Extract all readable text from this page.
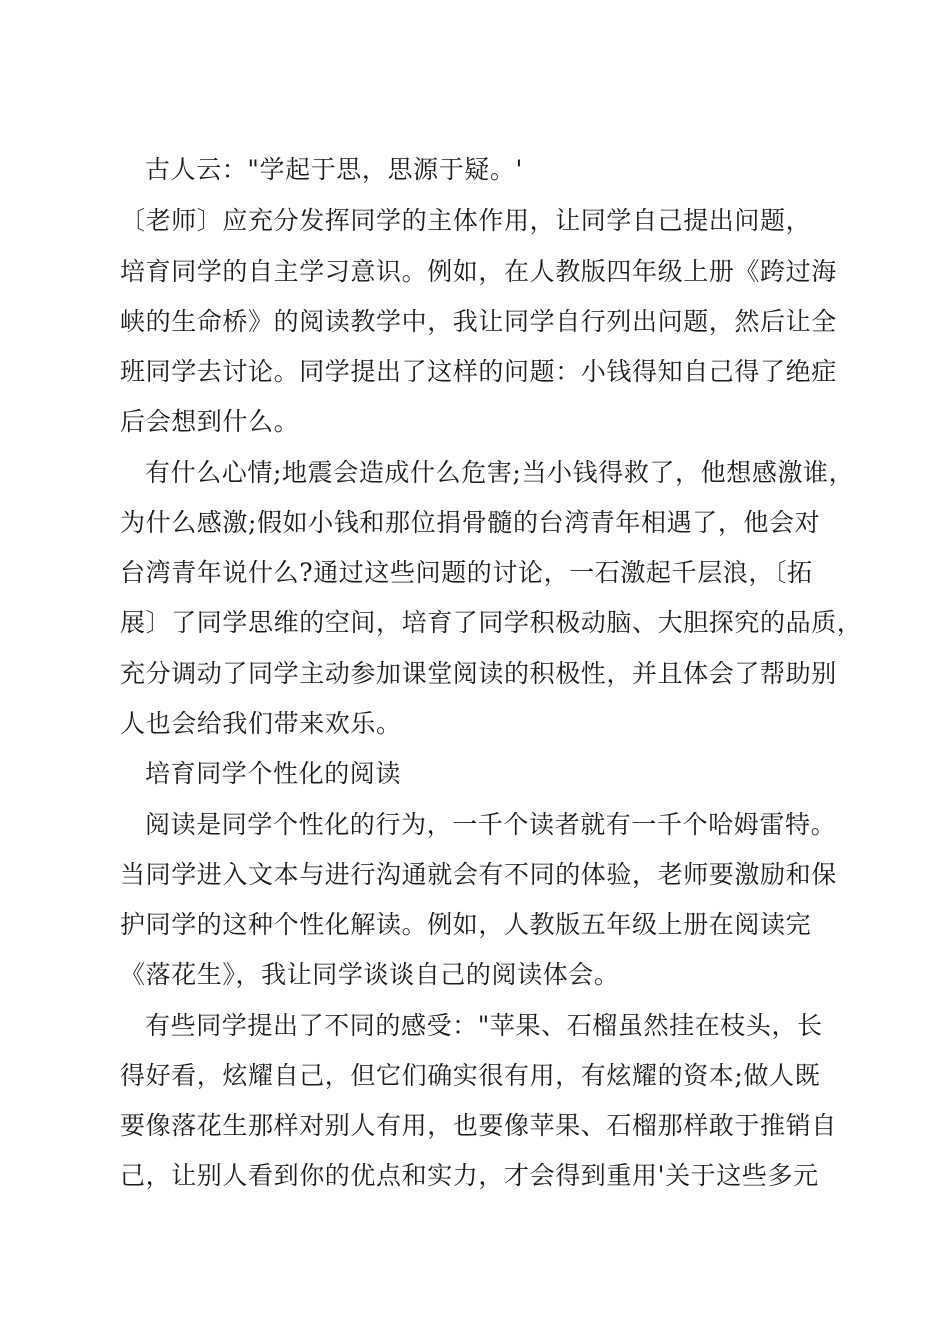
古人云："学起于思，思源于疑。'
〔老师〕应充分发挥同学的主体作用，让同学自己提出问题，
培育同学的自主学习意识。例如，在人教版四年级上册《跨过海
峡的生命桥》的阅读教学中，我让同学自行列出问题，然后让全
班同学去讨论。同学提出了这样的问题：小钱得知自己得了绝症
后会想到什么。
有什么心情;地震会造成什么危害;当小钱得救了，他想感激谁，
为什么感激;假如小钱和那位捐骨髓的台湾青年相遇了，他会对
台湾青年说什么?通过这些问题的讨论，一石激起千层浪，〔拓
展〕了同学思维的空间，培育了同学积极动脑、大胆探究的品质，
充分调动了同学主动参加课堂阅读的积极性，并且体会了帮助别
人也会给我们带来欢乐。
培育同学个性化的阅读
阅读是同学个性化的行为，一千个读者就有一千个哈姆雷特。
当同学进入文本与进行沟通就会有不同的体验，老师要激励和保
护同学的这种个性化解读。例如，人教版五年级上册在阅读完
《落花生》，我让同学谈谈自己的阅读体会。
有些同学提出了不同的感受："苹果、石榴虽然挂在枝头，长
得好看，炫耀自己，但它们确实很有用，有炫耀的资本;做人既
要像落花生那样对别人有用，也要像苹果、石榴那样敢于推销自
己，让别人看到你的优点和实力，才会得到重用'关于这些多元
